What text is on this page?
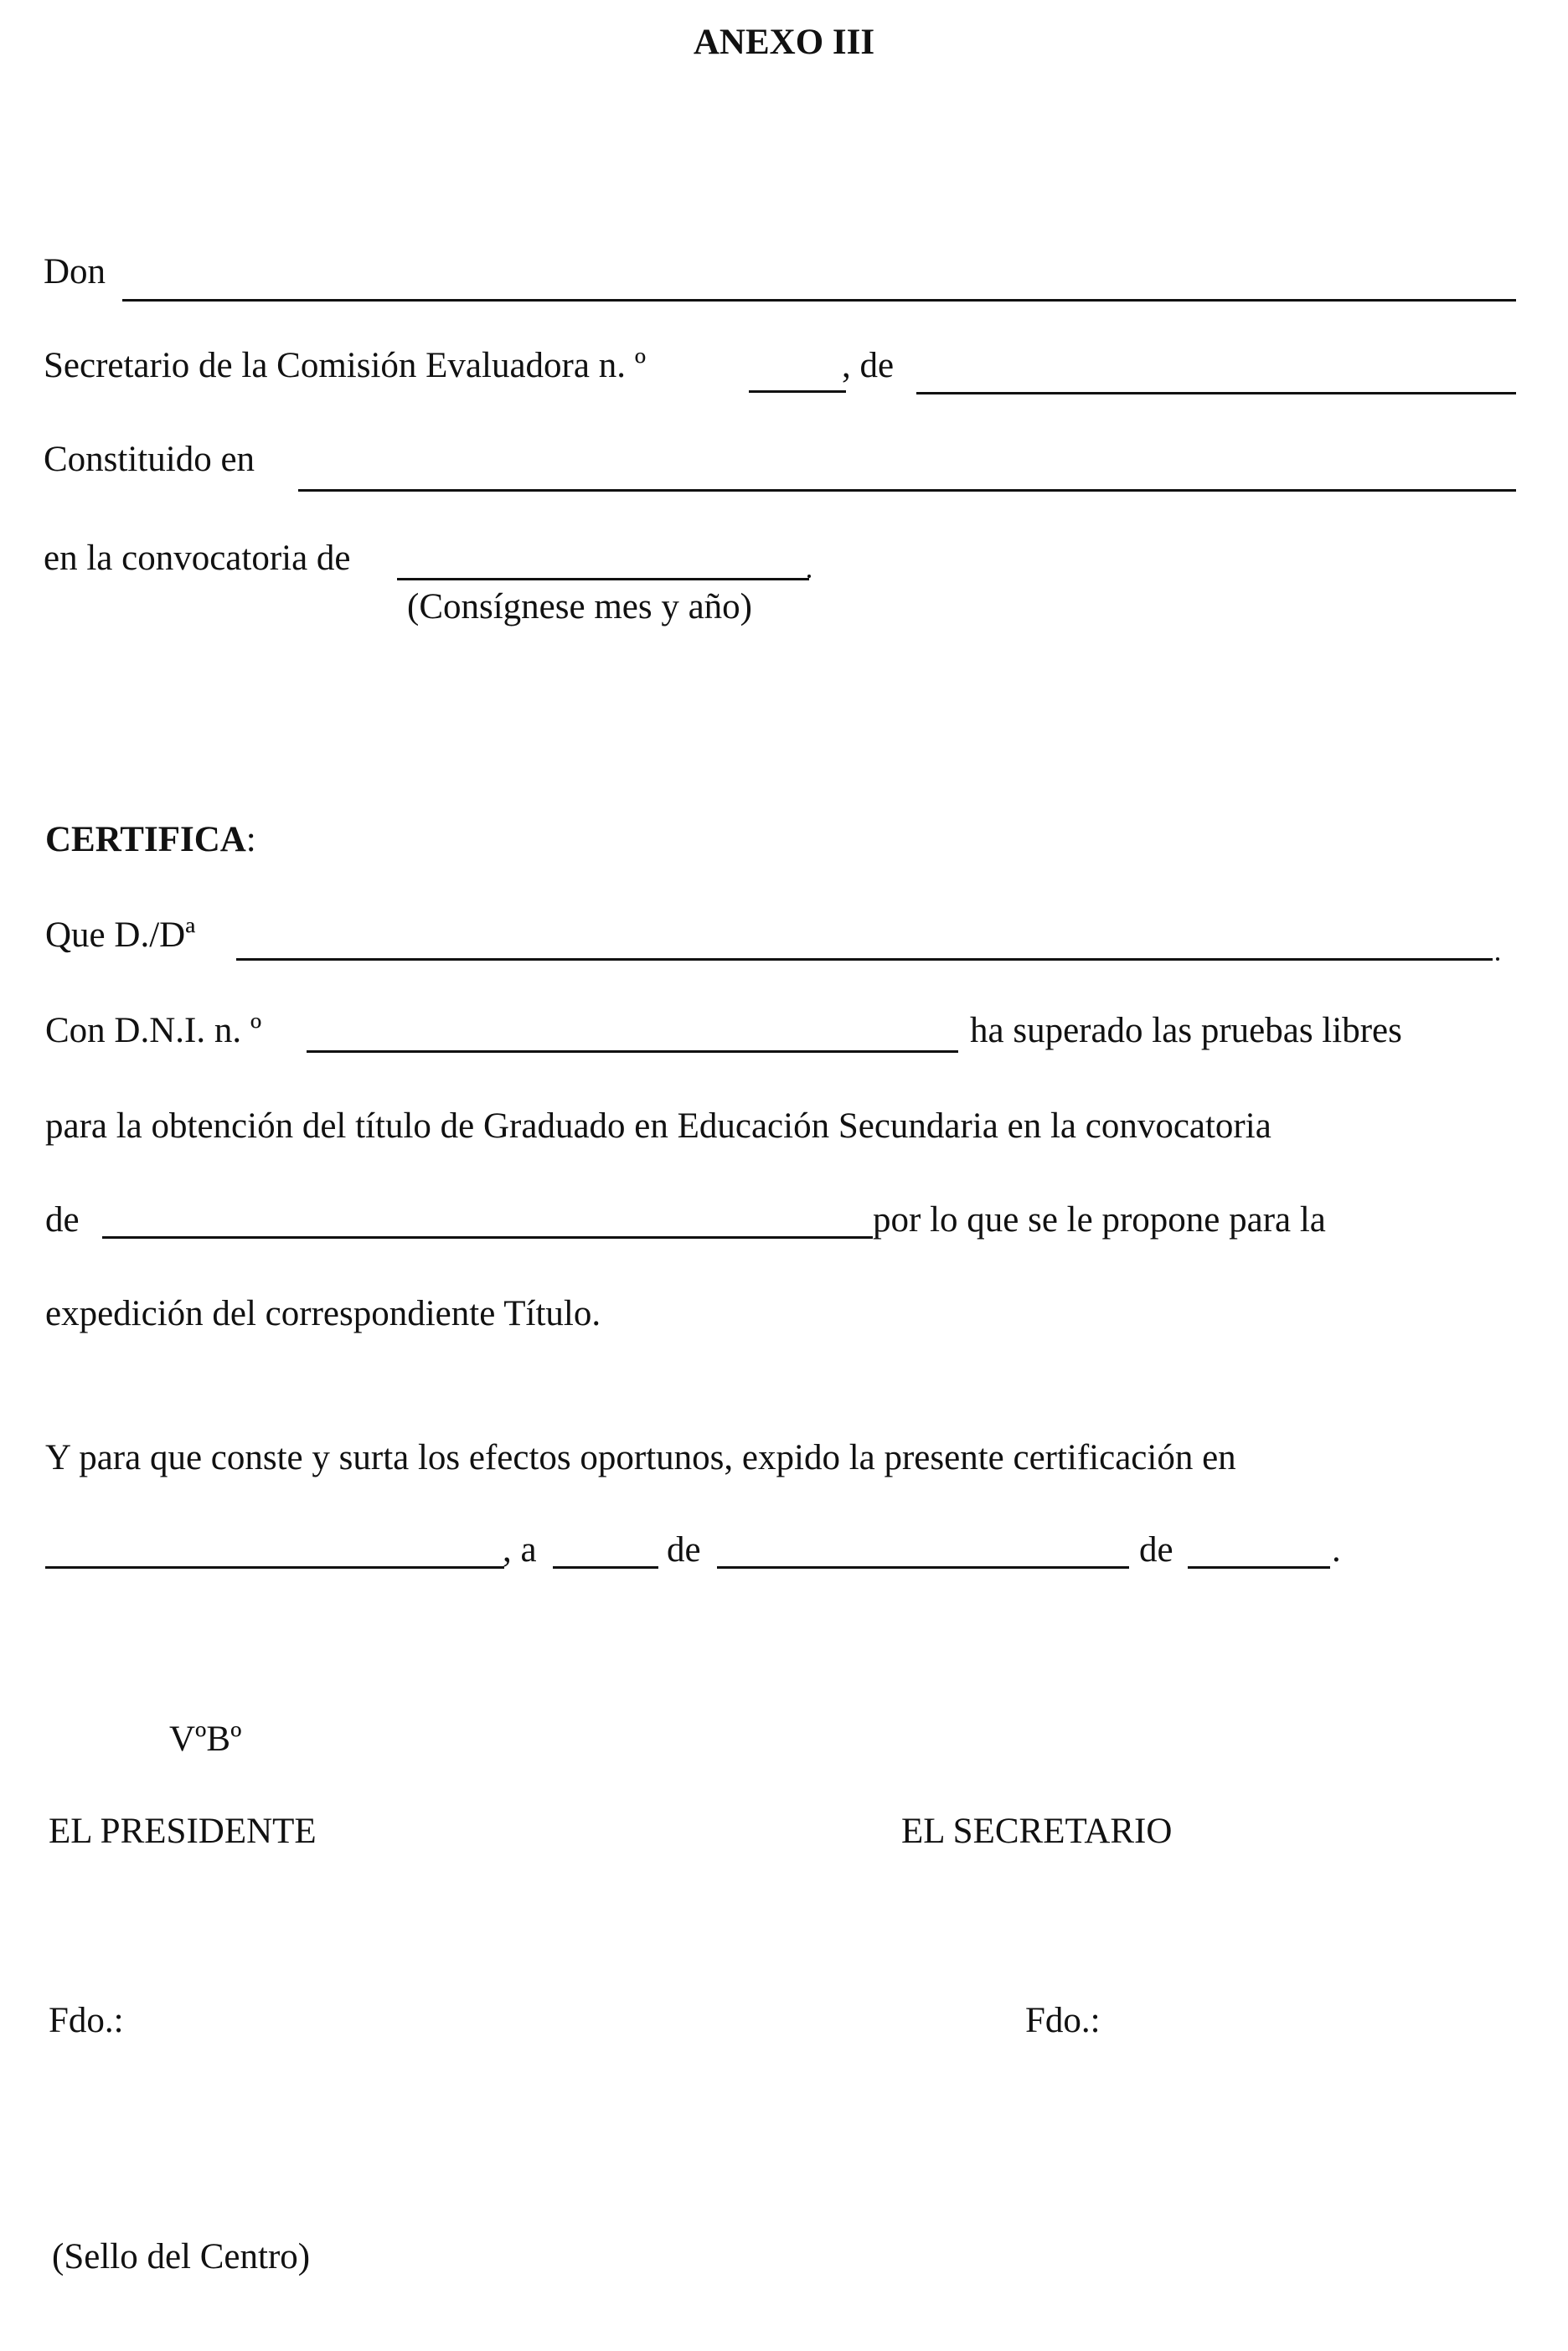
ANEXO III
Don
Secretario de la Comisión Evaluadora n. º	, de
Constituido en
en la convocatoria de
(Consígnese mes y año)
CERTIFICA:
Que D./Dª
Con D.N.I. n. º	ha superado las pruebas libres
para la obtención del título de Graduado en Educación Secundaria en la convocatoria
de	por lo que se le propone para la
expedición del correspondiente Título.
Y para que conste y surta los efectos oportunos, expido la presente certificación en
, a	de	de	.
VºBº
EL PRESIDENTE	EL SECRETARIO
Fdo.:	Fdo.:
(Sello del Centro)
